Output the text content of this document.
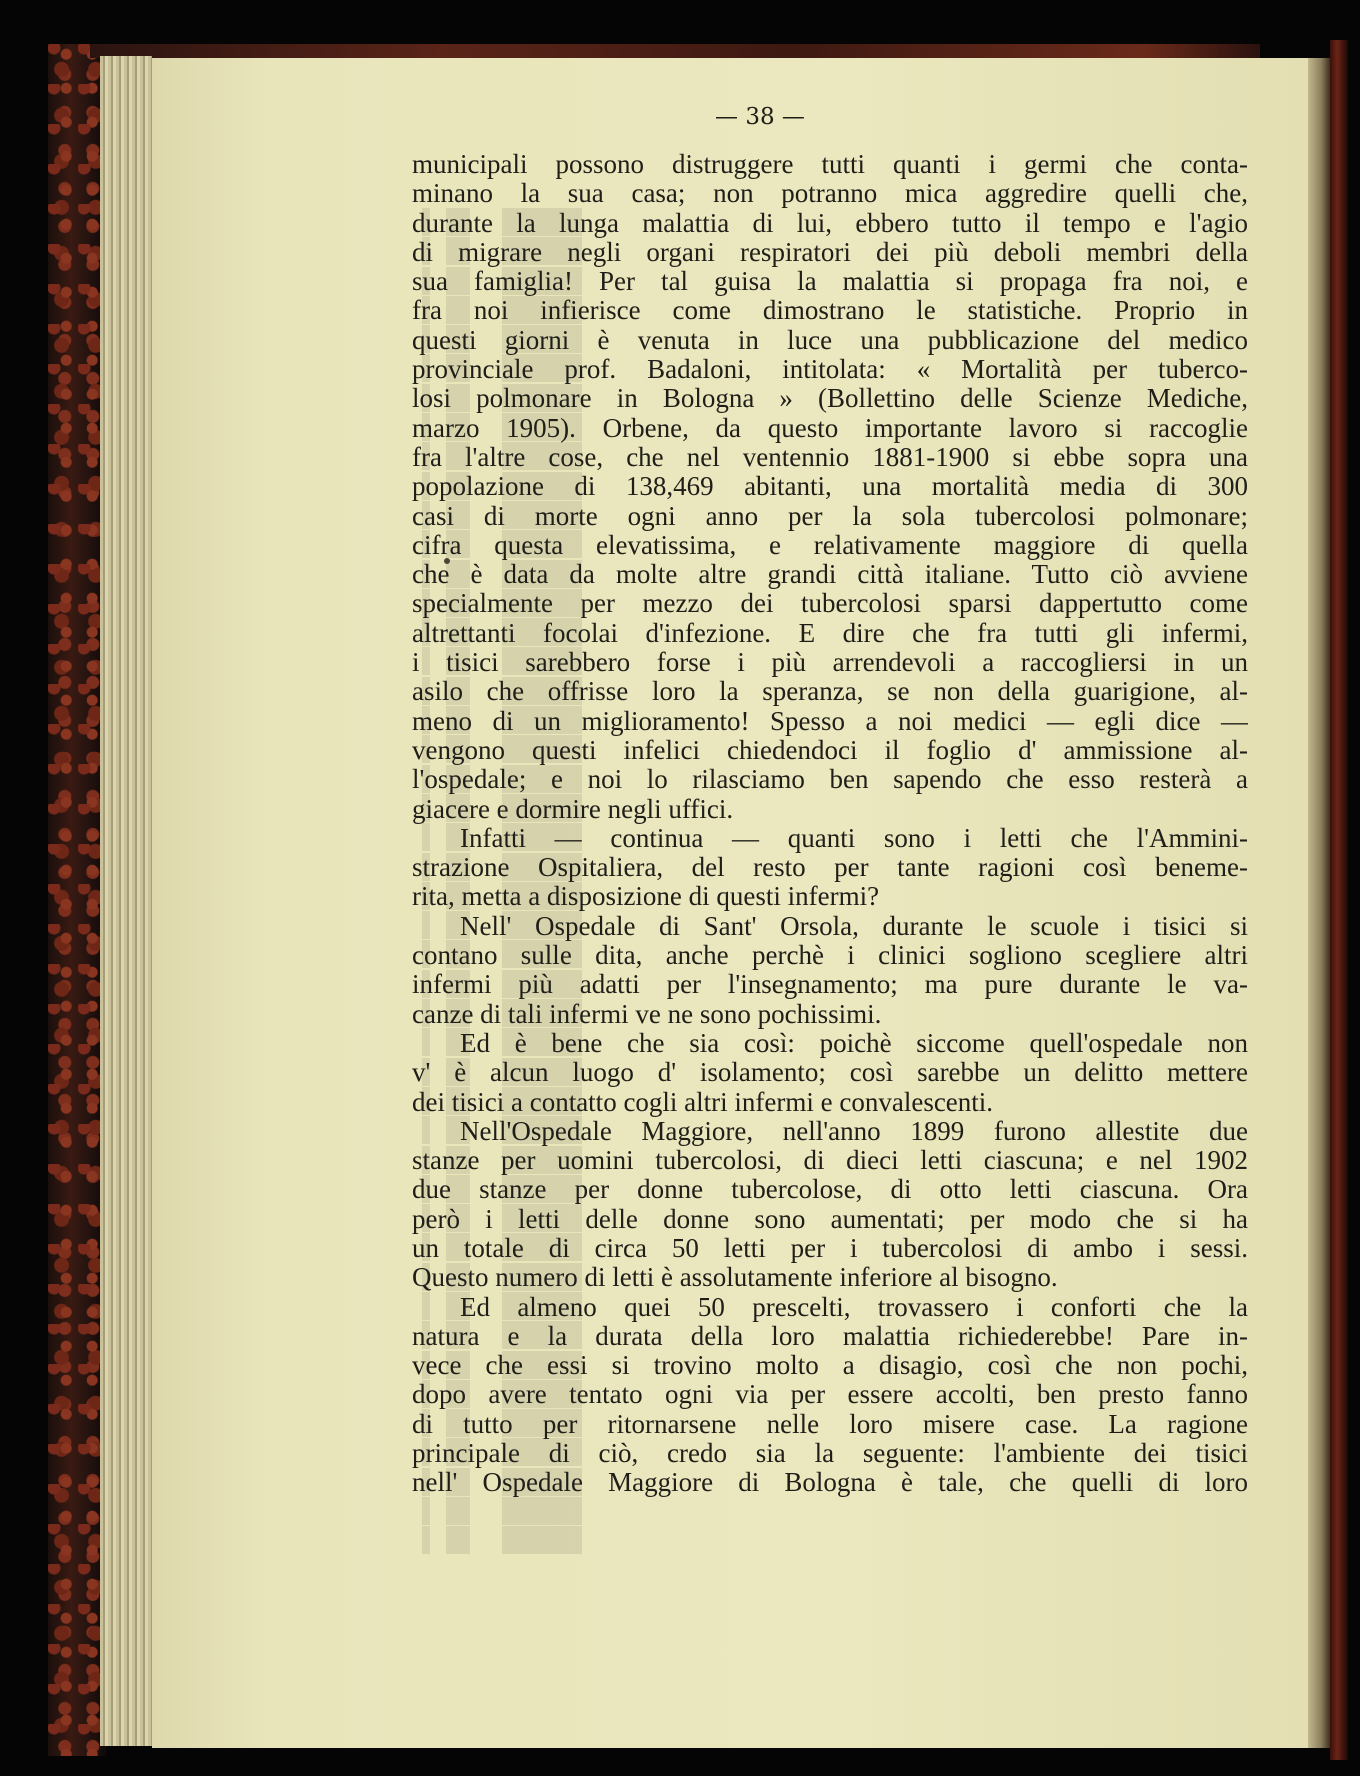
— 38 —
municipali possono distruggere tutti quanti i germi che conta-
minano la sua casa; non potranno mica aggredire quelli che,
durante la lunga malattia di lui, ebbero tutto il tempo e l'agio
di migrare negli organi respiratori dei più deboli membri della
sua famiglia! Per tal guisa la malattia si propaga fra noi, e
fra noi infierisce come dimostrano le statistiche. Proprio in
questi giorni è venuta in luce una pubblicazione del medico
provinciale prof. Badaloni, intitolata: « Mortalità per tuberco-
losi polmonare in Bologna » (Bollettino delle Scienze Mediche,
marzo 1905). Orbene, da questo importante lavoro si raccoglie
fra l'altre cose, che nel ventennio 1881-1900 si ebbe sopra una
popolazione di 138,469 abitanti, una mortalità media di 300
casi di morte ogni anno per la sola tubercolosi polmonare;
cifra questa elevatissima, e relativamente maggiore di quella
che è data da molte altre grandi città italiane. Tutto ciò avviene
specialmente per mezzo dei tubercolosi sparsi dappertutto come
altrettanti focolai d'infezione. E dire che fra tutti gli infermi,
i tisici sarebbero forse i più arrendevoli a raccogliersi in un
asilo che offrisse loro la speranza, se non della guarigione, al-
meno di un miglioramento! Spesso a noi medici — egli dice —
vengono questi infelici chiedendoci il foglio d' ammissione al-
l'ospedale; e noi lo rilasciamo ben sapendo che esso resterà a
giacere e dormire negli uffici.
Infatti — continua — quanti sono i letti che l'Ammini-
strazione Ospitaliera, del resto per tante ragioni così beneme-
rita, metta a disposizione di questi infermi?
Nell' Ospedale di Sant' Orsola, durante le scuole i tisici si
contano sulle dita, anche perchè i clinici sogliono scegliere altri
infermi più adatti per l'insegnamento; ma pure durante le va-
canze di tali infermi ve ne sono pochissimi.
Ed è bene che sia così: poichè siccome quell'ospedale non
v' è alcun luogo d' isolamento; così sarebbe un delitto mettere
dei tisici a contatto cogli altri infermi e convalescenti.
Nell'Ospedale Maggiore, nell'anno 1899 furono allestite due
stanze per uomini tubercolosi, di dieci letti ciascuna; e nel 1902
due stanze per donne tubercolose, di otto letti ciascuna. Ora
però i letti delle donne sono aumentati; per modo che si ha
un totale di circa 50 letti per i tubercolosi di ambo i sessi.
Questo numero di letti è assolutamente inferiore al bisogno.
Ed almeno quei 50 prescelti, trovassero i conforti che la
natura e la durata della loro malattia richiederebbe! Pare in-
vece che essi si trovino molto a disagio, così che non pochi,
dopo avere tentato ogni via per essere accolti, ben presto fanno
di tutto per ritornarsene nelle loro misere case. La ragione
principale di ciò, credo sia la seguente: l'ambiente dei tisici
nell' Ospedale Maggiore di Bologna è tale, che quelli di loro
